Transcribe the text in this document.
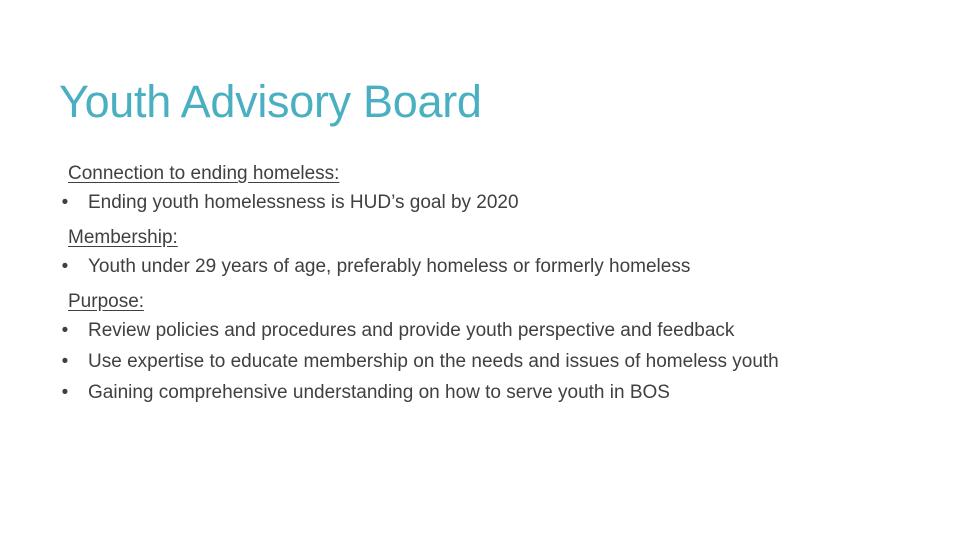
Youth Advisory Board
Connection to ending homeless:
• Ending youth homelessness is HUD’s goal by 2020
Membership:
• Youth under 29 years of age, preferably homeless or formerly homeless
Purpose:
• Review policies and procedures and provide youth perspective and feedback
• Use expertise to educate membership on the needs and issues of homeless youth
• Gaining comprehensive understanding on how to serve youth in BOS
